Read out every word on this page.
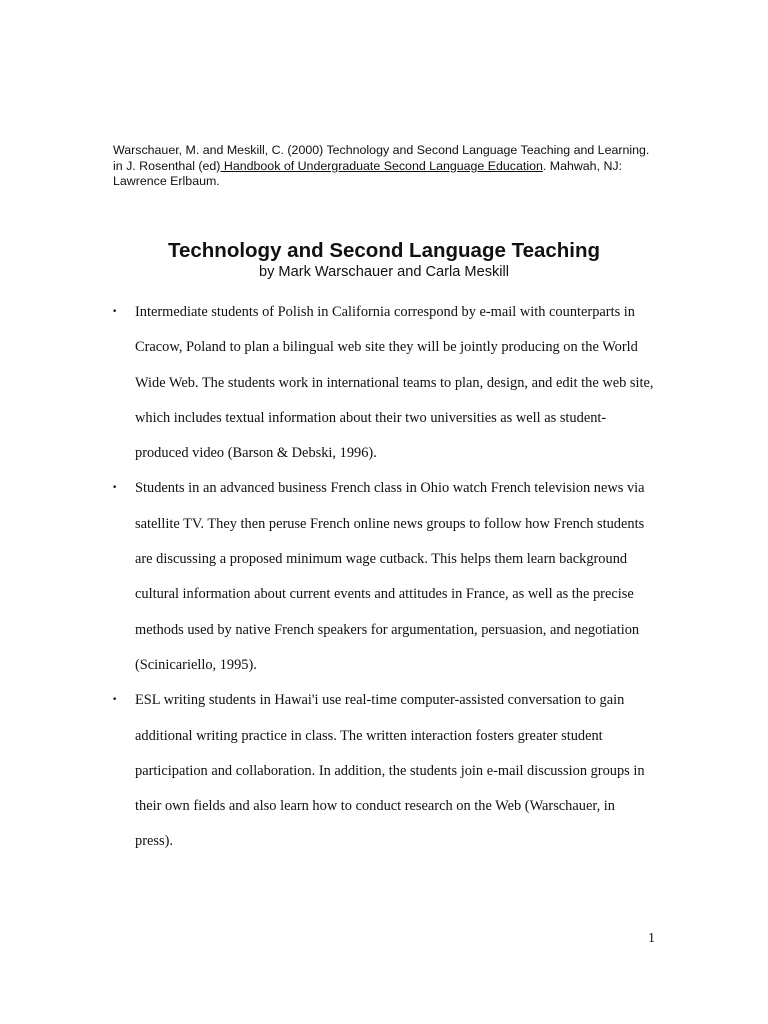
Warschauer, M. and Meskill, C. (2000) Technology and Second Language Teaching and Learning. in J. Rosenthal (ed) Handbook of Undergraduate Second Language Education. Mahwah, NJ: Lawrence Erlbaum.
Technology and Second Language Teaching
by Mark Warschauer and Carla Meskill
• Intermediate students of Polish in California correspond by e-mail with counterparts in Cracow, Poland to plan a bilingual web site they will be jointly producing on the World Wide Web. The students work in international teams to plan, design, and edit the web site, which includes textual information about their two universities as well as student-produced video (Barson & Debski, 1996).
• Students in an advanced business French class in Ohio watch French television news via satellite TV. They then peruse French online news groups to follow how French students are discussing a proposed minimum wage cutback. This helps them learn background cultural information about current events and attitudes in France, as well as the precise methods used by native French speakers for argumentation, persuasion, and negotiation (Scinicariello, 1995).
• ESL writing students in Hawai'i use real-time computer-assisted conversation to gain additional writing practice in class. The written interaction fosters greater student participation and collaboration. In addition, the students join e-mail discussion groups in their own fields and also learn how to conduct research on the Web (Warschauer, in press).
1
